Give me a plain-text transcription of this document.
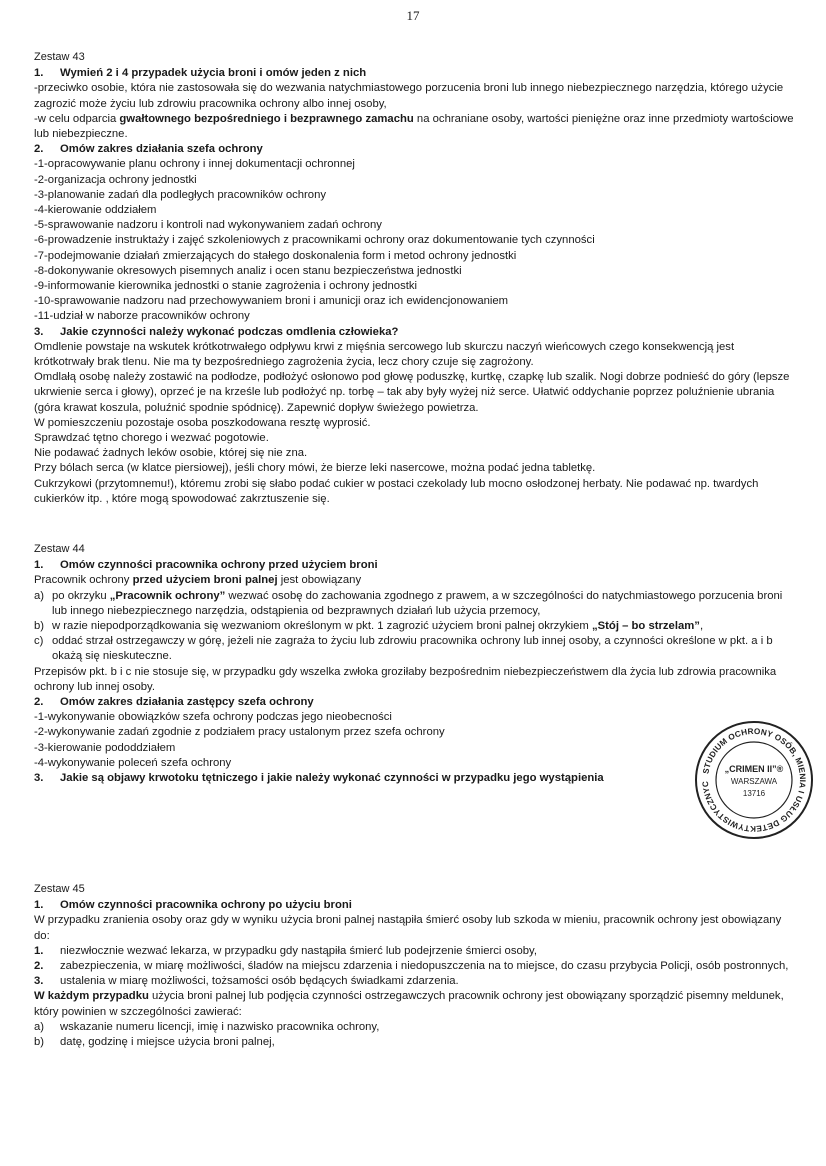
17
Zestaw 43
1. Wymień 2 i 4 przypadek użycia broni i omów jeden z nich
-przeciwko osobie, która nie zastosowała się do wezwania natychmiastowego porzucenia broni lub innego niebezpiecznego narzędzia, którego użycie
zagrozić może życiu lub zdrowiu pracownika ochrony albo innej osoby,
-w celu odparcia gwałtownego bezpośredniego i bezprawnego zamachu na ochraniane osoby, wartości pieniężne oraz inne przedmioty wartościowe
lub niebezpieczne.
2. Omów zakres działania szefa ochrony
-1-opracowywanie planu ochrony i innej dokumentacji ochronnej
-2-organizacja ochrony jednostki
-3-planowanie zadań dla podległych pracowników ochrony
-4-kierowanie oddziałem
-5-sprawowanie nadzoru i kontroli nad wykonywaniem zadań ochrony
-6-prowadzenie instruktaży i zajęć szkoleniowych z pracownikami ochrony oraz dokumentowanie tych czynności
-7-podejmowanie działań zmierzających do stałego doskonalenia form i metod ochrony jednostki
-8-dokonywanie okresowych pisemnych analiz i ocen stanu bezpieczeństwa jednostki
-9-informowanie kierownika jednostki o stanie zagrożenia i ochrony jednostki
-10-sprawowanie nadzoru nad przechowywaniem broni i amunicji oraz ich ewidencjonowaniem
-11-udział w naborze pracowników ochrony
3. Jakie czynności należy wykonać podczas omdlenia człowieka?
Omdlenie powstaje na wskutek krótkotrwałego odpływu krwi z mięśnia sercowego lub skurczu naczyń wieńcowych czego konsekwencją jest
krótkotrwały brak tlenu. Nie ma ty bezpośredniego zagrożenia życia, lecz chory czuje się zagrożony.
Omdlałą osobę należy zostawić na podłodze, podłożyć osłonowo pod głowę poduszkę, kurtkę, czapkę lub szalik. Nogi dobrze podnieść do góry (lepsze
ukrwienie serca i głowy), oprzeć je na krześle lub podłożyć np. torbę – tak aby były wyżej niż serce. Ułatwić oddychanie poprzez poluźnienie ubrania
(góra krawat koszula, poluźnić spodnie spódnicę). Zapewnić dopływ świeżego powietrza.
W pomieszczeniu pozostaje osoba poszkodowana resztę wyprosić.
Sprawdzać tętno chorego i wezwać pogotowie.
Nie podawać żadnych leków osobie, której się nie zna.
Przy bólach serca (w klatce piersiowej), jeśli chory mówi, że bierze leki nasercowe, można podać jedna tabletkę.
Cukrzykowi (przytomnemu!), któremu zrobi się słabo podać cukier w postaci czekolady lub mocno osłodzonej herbaty. Nie podawać np. twardych
cukierków itp. , które mogą spowodować zakrztuszenie się.
Zestaw 44
1. Omów czynności pracownika ochrony przed użyciem broni
Pracownik ochrony przed użyciem broni palnej jest obowiązany
a) po okrzyku „Pracownik ochrony” wezwać osobę do zachowania zgodnego z prawem, a w szczególności do natychmiastowego porzucenia broni
lub innego niebezpiecznego narzędzia, odstąpienia od bezprawnych działań lub użycia przemocy,
b) w razie niepodporządkowania się wezwaniom określonym w pkt. 1 zagrozić użyciem broni palnej okrzykiem „Stój – bo strzelam”,
c) oddać strzał ostrzegawczy w górę, jeżeli nie zagraża to życiu lub zdrowiu pracownika ochrony lub innej osoby, a czynności określone w pkt. a i b
okażą się nieskuteczne.
Przepisów pkt. b i c nie stosuje się, w przypadku gdy wszelka zwłoka groziłaby bezpośrednim niebezpieczeństwem dla życia lub zdrowia pracownika
ochrony lub innej osoby.
2. Omów zakres działania zastępcy szefa ochrony
-1-wykonywanie obowiązków szefa ochrony podczas jego nieobecności
-2-wykonywanie zadań zgodnie z podziałem pracy ustalonym przez szefa ochrony
-3-kierowanie pododdziałem
-4-wykonywanie poleceń szefa ochrony
3. Jakie są objawy krwotoku tętniczego i jakie należy wykonać czynności w przypadku jego wystąpienia
STUDIUM OCHRONY OSÓB, MIENIA I USŁUG DETEKTYWISTYCZNYC
„CRIMEN II”®
WARSZAWA
13716
Zestaw 45
1. Omów czynności pracownika ochrony po użyciu broni
W przypadku zranienia osoby oraz gdy w wyniku użycia broni palnej nastąpiła śmierć osoby lub szkoda w mieniu, pracownik ochrony jest obowiązany
do:
1. niezwłocznie wezwać lekarza, w przypadku gdy nastąpiła śmierć lub podejrzenie śmierci osoby,
2. zabezpieczenia, w miarę możliwości, śladów na miejscu zdarzenia i niedopuszczenia na to miejsce, do czasu przybycia Policji, osób postronnych,
3. ustalenia w miarę możliwości, tożsamości osób będących świadkami zdarzenia.
W każdym przypadku użycia broni palnej lub podjęcia czynności ostrzegawczych pracownik ochrony jest obowiązany sporządzić pisemny meldunek,
który powinien w szczególności zawierać:
a) wskazanie numeru licencji, imię i nazwisko pracownika ochrony,
b) datę, godzinę i miejsce użycia broni palnej,
